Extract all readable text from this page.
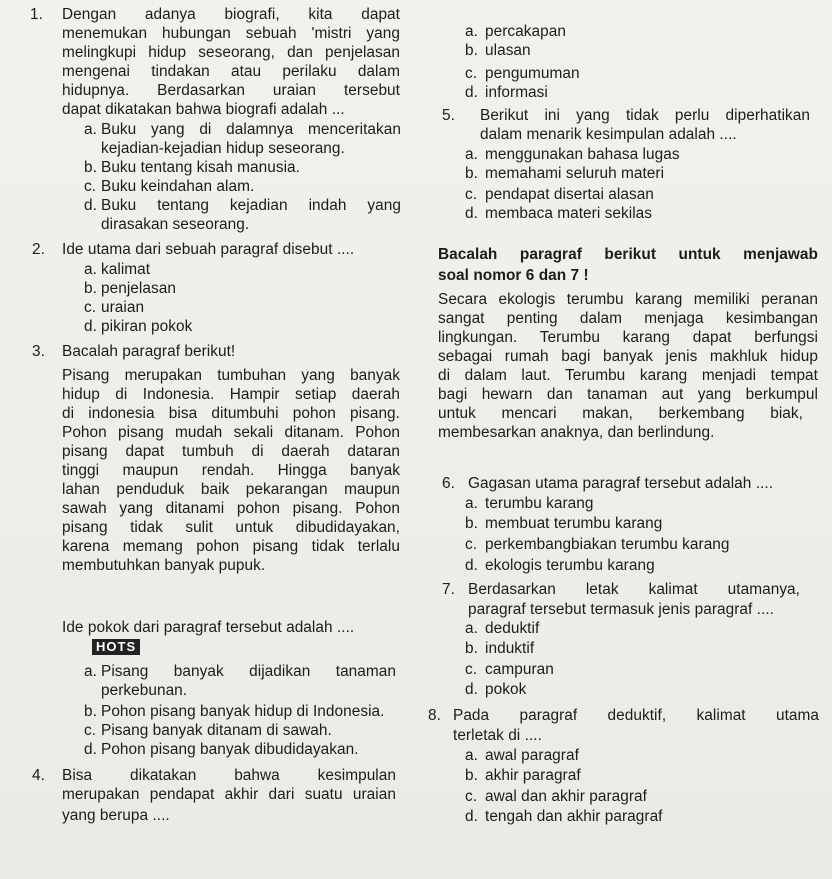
1. Dengan adanya biografi, kita dapat
menemukan hubungan sebuah 'mistri yang
melingkupi hidup seseorang, dan penjelasan
mengenai tindakan atau perilaku dalam
hidupnya. Berdasarkan uraian tersebut
dapat dikatakan bahwa biografi adalah ...
a. Buku yang di dalamnya menceritakan
kejadian-kejadian hidup seseorang.
b. Buku tentang kisah manusia.
c. Buku keindahan alam.
d. Buku tentang kejadian indah yang
dirasakan seseorang.
2. Ide utama dari sebuah paragraf disebut ....
a. kalimat
b. penjelasan
c. uraian
d. pikiran pokok
3. Bacalah paragraf berikut!
Pisang merupakan tumbuhan yang banyak
hidup di Indonesia. Hampir setiap daerah
di indonesia bisa ditumbuhi pohon pisang.
Pohon pisang mudah sekali ditanam. Pohon
pisang dapat tumbuh di daerah dataran
tinggi maupun rendah. Hingga banyak
lahan penduduk baik pekarangan maupun
sawah yang ditanami pohon pisang. Pohon
pisang tidak sulit untuk dibudidayakan,
karena memang pohon pisang tidak terlalu
membutuhkan banyak pupuk.
Ide pokok dari paragraf tersebut adalah ....
HOTS
a. Pisang banyak dijadikan tanaman
perkebunan.
b. Pohon pisang banyak hidup di Indonesia.
c. Pisang banyak ditanam di sawah.
d. Pohon pisang banyak dibudidayakan.
4. Bisa dikatakan bahwa kesimpulan
merupakan pendapat akhir dari suatu uraian
yang berupa ....
a. percakapan
b. ulasan
c. pengumuman
d. informasi
5. Berikut ini yang tidak perlu diperhatikan
dalam menarik kesimpulan adalah ....
a. menggunakan bahasa lugas
b. memahami seluruh materi
c. pendapat disertai alasan
d. membaca materi sekilas
Bacalah paragraf berikut untuk menjawab
soal nomor 6 dan 7 !
Secara ekologis terumbu karang memiliki peranan
sangat penting dalam menjaga kesimbangan
lingkungan. Terumbu karang dapat berfungsi
sebagai rumah bagi banyak jenis makhluk hidup
di dalam laut. Terumbu karang menjadi tempat
bagi hewarn dan tanaman aut yang berkumpul
untuk mencari makan, berkembang biak,
membesarkan anaknya, dan berlindung.
6. Gagasan utama paragraf tersebut adalah ....
a. terumbu karang
b. membuat terumbu karang
c. perkembangbiakan terumbu karang
d. ekologis terumbu karang
7. Berdasarkan letak kalimat utamanya,
paragraf tersebut termasuk jenis paragraf ....
a. deduktif
b. induktif
c. campuran
d. pokok
8. Pada paragraf deduktif, kalimat utama
terletak di ....
a. awal paragraf
b. akhir paragraf
c. awal dan akhir paragraf
d. tengah dan akhir paragraf
